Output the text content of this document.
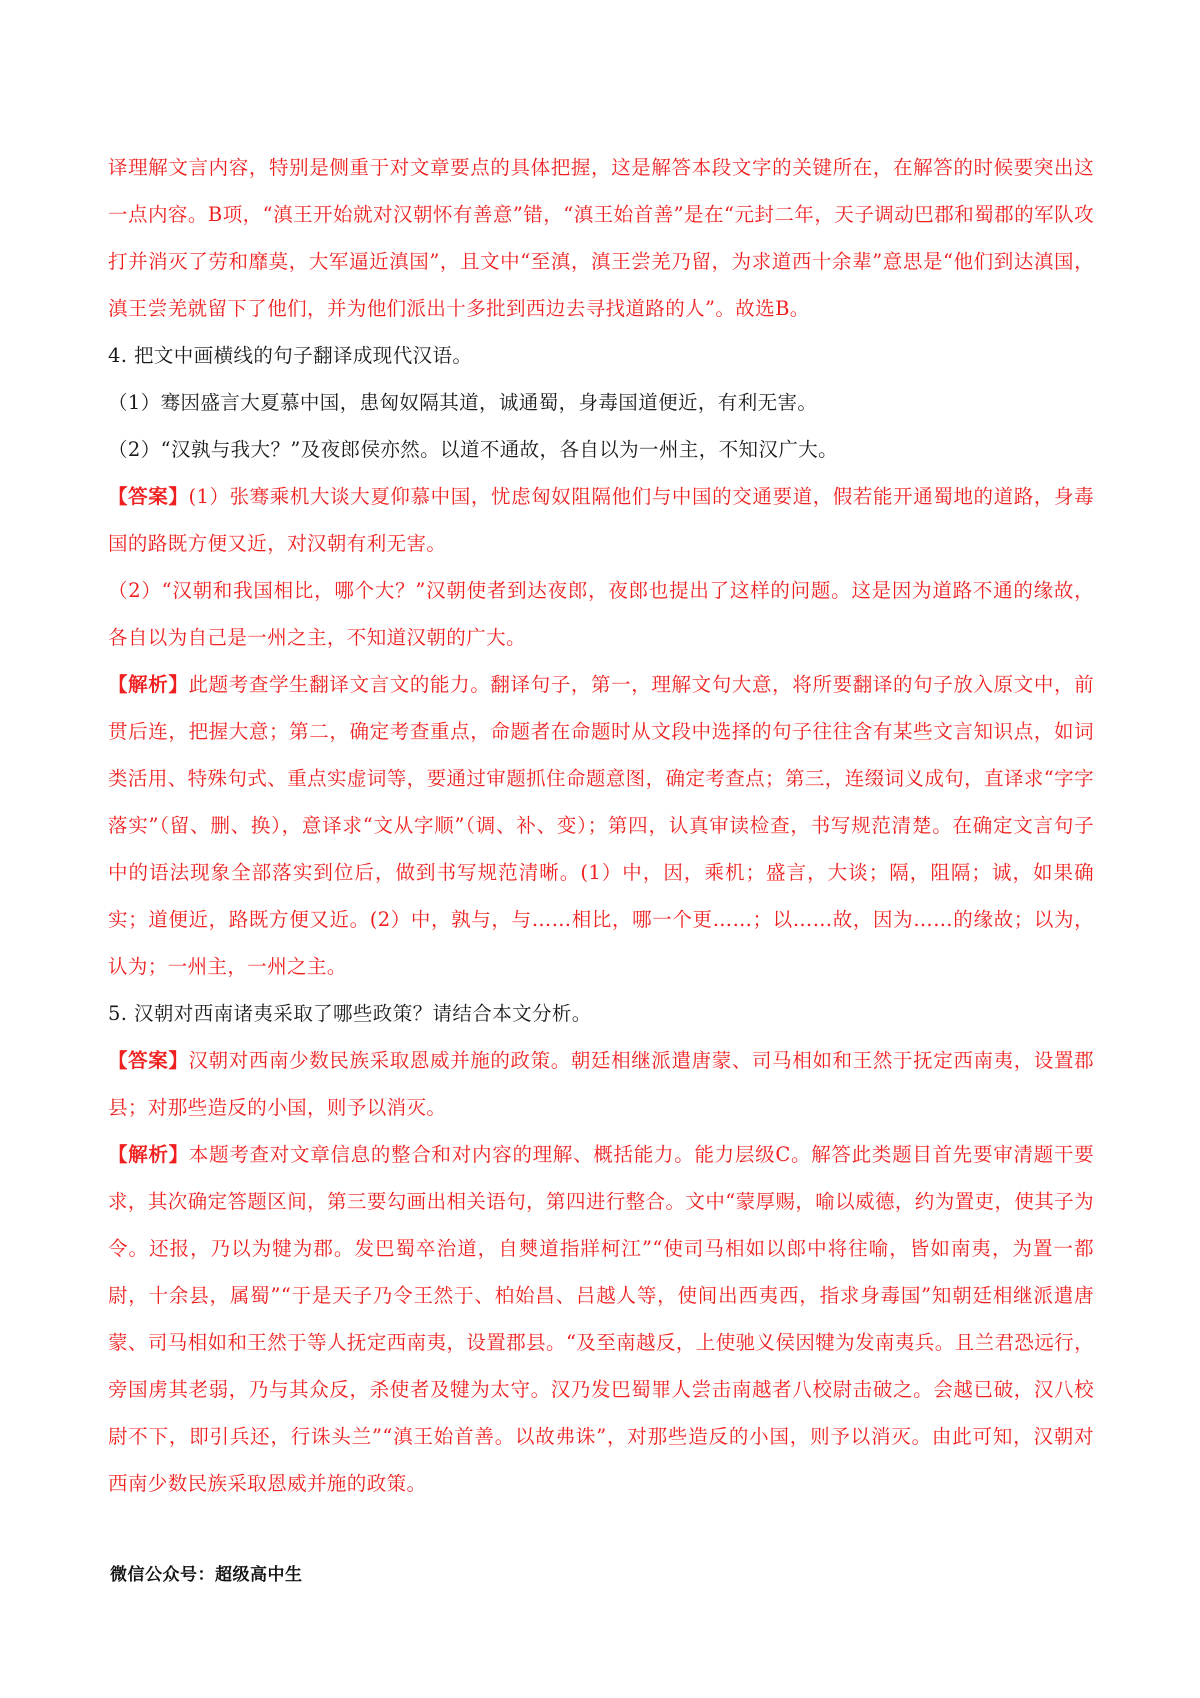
译理解文言内容，特别是侧重于对文章要点的具体把握，这是解答本段文字的关键所在，在解答的时候要突出这一点内容。B项，“滇王开始就对汉朝怀有善意”错，“滇王始首善”是在“元封二年，天子调动巴郡和蜀郡的军队攻打并消灭了劳和靡莫，大军逼近滇国”，且文中“至滇，滇王尝羌乃留，为求道西十余辈”意思是“他们到达滇国，滇王尝羌就留下了他们，并为他们派出十多批到西边去寻找道路的人”。故选B。

4. 把文中画横线的句子翻译成现代汉语。

（1）骞因盛言大夏慕中国，患匈奴隔其道，诚通蜀，身毒国道便近，有利无害。

（2）“汉孰与我大？”及夜郎侯亦然。以道不通故，各自以为一州主，不知汉广大。

【答案】(1）张骞乘机大谈大夏仰慕中国，忧虑匈奴阻隔他们与中国的交通要道，假若能开通蜀地的道路，身毒国的路既方便又近，对汉朝有利无害。

（2）“汉朝和我国相比，哪个大？”汉朝使者到达夜郎，夜郎也提出了这样的问题。这是因为道路不通的缘故，各自以为自己是一州之主，不知道汉朝的广大。

【解析】此题考查学生翻译文言文的能力。翻译句子，第一，理解文句大意，将所要翻译的句子放入原文中，前贯后连，把握大意；第二，确定考查重点，命题者在命题时从文段中选择的句子往往含有某些文言知识点，如词类活用、特殊句式、重点实虚词等，要通过审题抓住命题意图，确定考查点；第三，连缀词义成句，直译求“字字落实”（留、删、换），意译求“文从字顺”（调、补、变）；第四，认真审读检查，书写规范清楚。在确定文言句子中的语法现象全部落实到位后，做到书写规范清晰。(1）中，因，乘机；盛言，大谈；隔，阻隔；诚，如果确实；道便近，路既方便又近。(2）中，孰与，与……相比，哪一个更……；以……故，因为……的缘故；以为，认为；一州主，一州之主。

5. 汉朝对西南诸夷采取了哪些政策？请结合本文分析。

【答案】汉朝对西南少数民族采取恩威并施的政策。朝廷相继派遣唐蒙、司马相如和王然于抚定西南夷，设置郡县；对那些造反的小国，则予以消灭。

【解析】本题考查对文章信息的整合和对内容的理解、概括能力。能力层级C。解答此类题目首先要审清题干要求，其次确定答题区间，第三要勾画出相关语句，第四进行整合。文中“蒙厚赐，喻以威德，约为置吏，使其子为令。还报，乃以为犍为郡。发巴蜀卒治道，自僰道指牂柯江”“使司马相如以郎中将往喻，皆如南夷，为置一都尉，十余县，属蜀”“于是天子乃令王然于、柏始昌、吕越人等，使间出西夷西，指求身毒国”知朝廷相继派遣唐蒙、司马相如和王然于等人抚定西南夷，设置郡县。“及至南越反，上使驰义侯因犍为发南夷兵。且兰君恐远行，旁国虏其老弱，乃与其众反，杀使者及犍为太守。汉乃发巴蜀罪人尝击南越者八校尉击破之。会越已破，汉八校尉不下，即引兵还，行诛头兰”“滇王始首善。以故弗诛”，对那些造反的小国，则予以消灭。由此可知，汉朝对西南少数民族采取恩威并施的政策。

微信公众号：超级高中生
